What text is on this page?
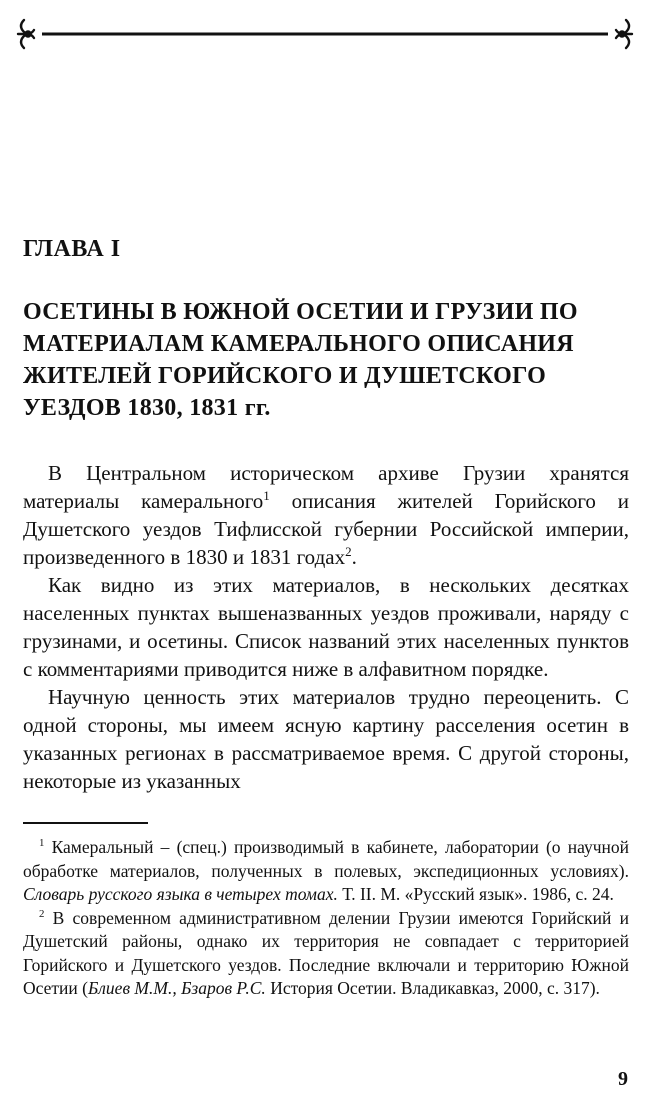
ГЛАВА I
ОСЕТИНЫ В ЮЖНОЙ ОСЕТИИ И ГРУЗИИ ПО МАТЕРИАЛАМ КАМЕРАЛЬНОГО ОПИСАНИЯ ЖИТЕЛЕЙ ГОРИЙСКОГО И ДУШЕТСКОГО УЕЗДОВ 1830, 1831 гг.

В Центральном историческом архиве Грузии хранятся материалы камерального$^1$ описания жителей Горийского и Душетского уездов Тифлисской губернии Российской империи, произведенного в 1830 и 1831 годах$^2$.

Как видно из этих материалов, в нескольких десятках населенных пунктах вышеназванных уездов проживали, наряду с грузинами, и осетины. Список названий этих населенных пунктов с комментариями приводится ниже в алфавитном порядке.

Научную ценность этих материалов трудно переоценить. С одной стороны, мы имеем ясную картину расселения осетин в указанных регионах в рассматриваемое время. С другой стороны, некоторые из указанных

$^1$ Камеральный – (спец.) производимый в кабинете, лаборатории (о научной обработке материалов, полученных в полевых, экспедиционных условиях). Словарь русского языка в четырех томах. Т. II. М. «Русский язык». 1986, с. 24.

$^2$ В современном административном делении Грузии имеются Горийский и Душетский районы, однако их территория не совпадает с территорией Горийского и Душетского уездов. Последние включали и территорию Южной Осетии (Блиев М.М., Бзаров Р.С. История Осетии. Владикавказ, 2000, с. 317).

9
